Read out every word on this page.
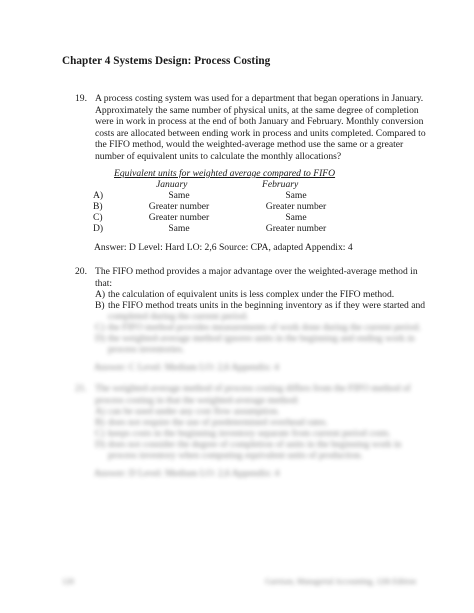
Chapter 4 Systems Design: Process Costing
19. A process costing system was used for a department that began operations in January.
Approximately the same number of physical units, at the same degree of completion
were in work in process at the end of both January and February. Monthly conversion
costs are allocated between ending work in process and units completed. Compared to
the FIFO method, would the weighted-average method use the same or a greater
number of equivalent units to calculate the monthly allocations?
Equivalent units for weighted average compared to FIFO
January	February
A)	Same	Same
B)	Greater number	Greater number
C)	Greater number	Same
D)	Same	Greater number
Answer: D Level: Hard LO: 2,6 Source: CPA, adapted Appendix: 4
20. The FIFO method provides a major advantage over the weighted-average method in
that:
A) the calculation of equivalent units is less complex under the FIFO method.
B) the FIFO method treats units in the beginning inventory as if they were started and
completed during the current period.
C) the FIFO method provides measurements of work done during the current period.
D) the weighted-average method ignores units in the beginning and ending work in
process inventories.
Answer: C Level: Medium LO: 2,6 Appendix: 4
21. The weighted-average method of process costing differs from the FIFO method of
process costing in that the weighted-average method:
A) can be used under any cost flow assumption.
B) does not require the use of predetermined overhead rates.
C) keeps costs in the beginning inventory separate from current period costs.
D) does not consider the degree of completion of units in the beginning work in
process inventory when computing equivalent units of production.
Answer: D Level: Medium LO: 2,6 Appendix: 4
120	Garrison, Managerial Accounting, 12th Edition
